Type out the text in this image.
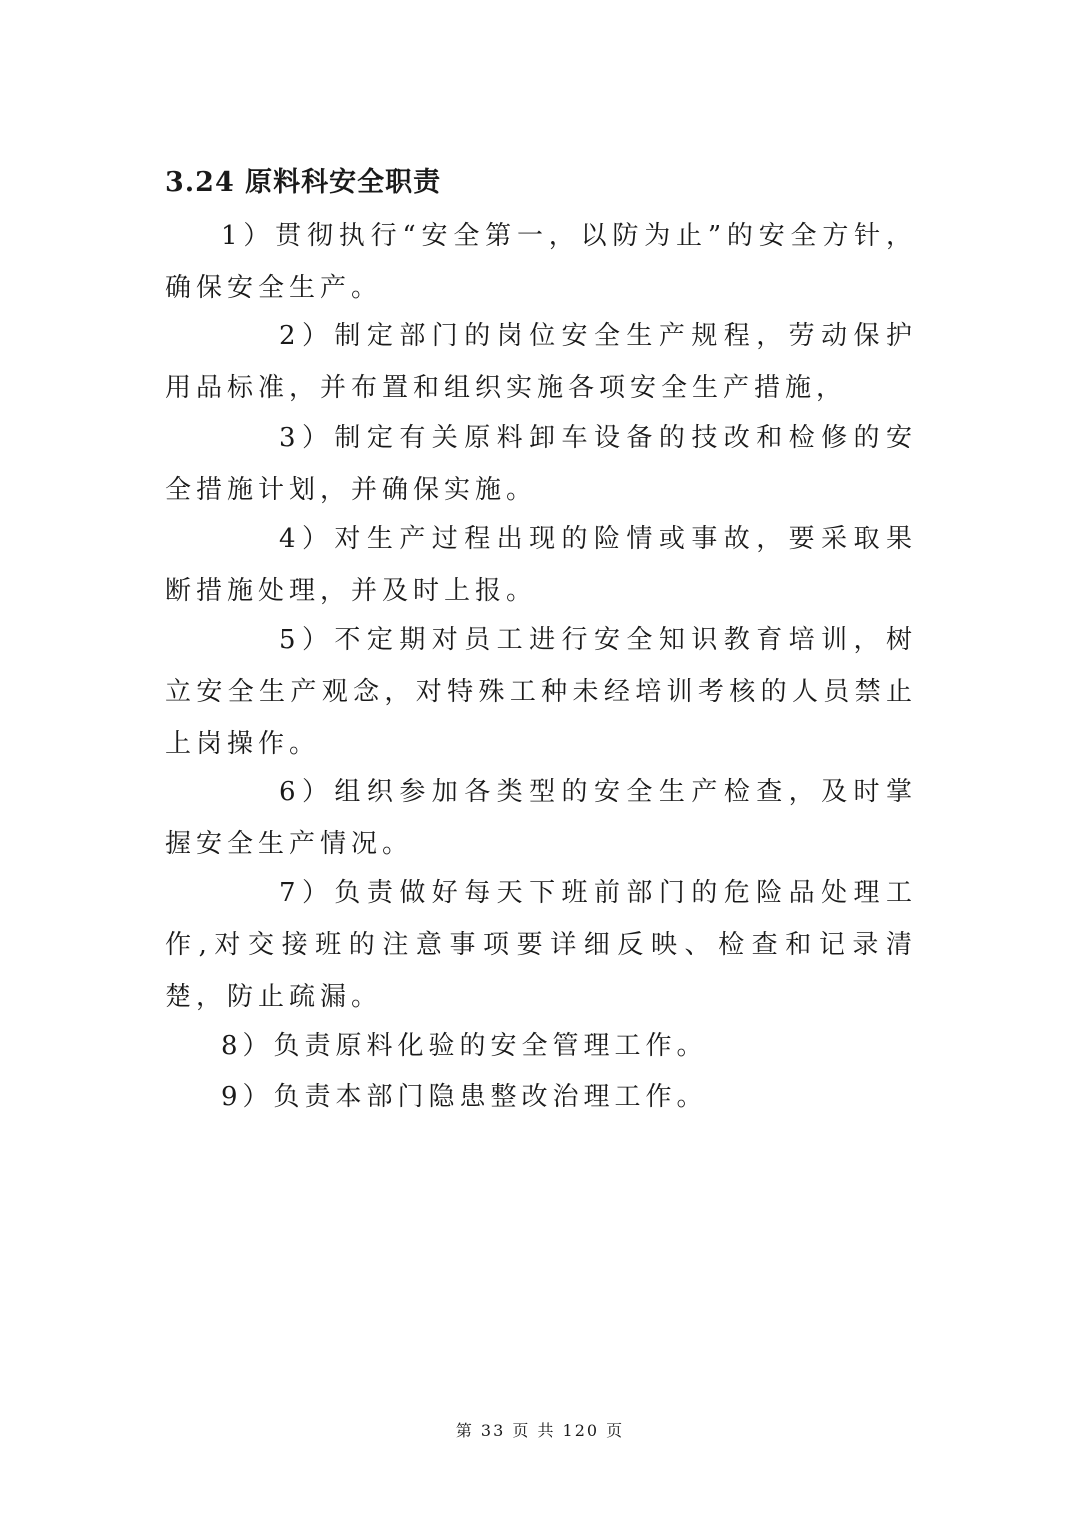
3.24 原料科安全职责

1）贯彻执行“安全第一，以防为止”的安全方针，确保安全生产。

2）制定部门的岗位安全生产规程，劳动保护用品标准，并布置和组织实施各项安全生产措施，

3）制定有关原料卸车设备的技改和检修的安全措施计划，并确保实施。

4）对生产过程出现的险情或事故，要采取果断措施处理，并及时上报。

5）不定期对员工进行安全知识教育培训，树立安全生产观念，对特殊工种未经培训考核的人员禁止上岗操作。

6）组织参加各类型的安全生产检查，及时掌握安全生产情况。

7）负责做好每天下班前部门的危险品处理工作,对交接班的注意事项要详细反映、检查和记录清楚，防止疏漏。

8）负责原料化验的安全管理工作。

9）负责本部门隐患整改治理工作。

第 33 页 共 120 页
